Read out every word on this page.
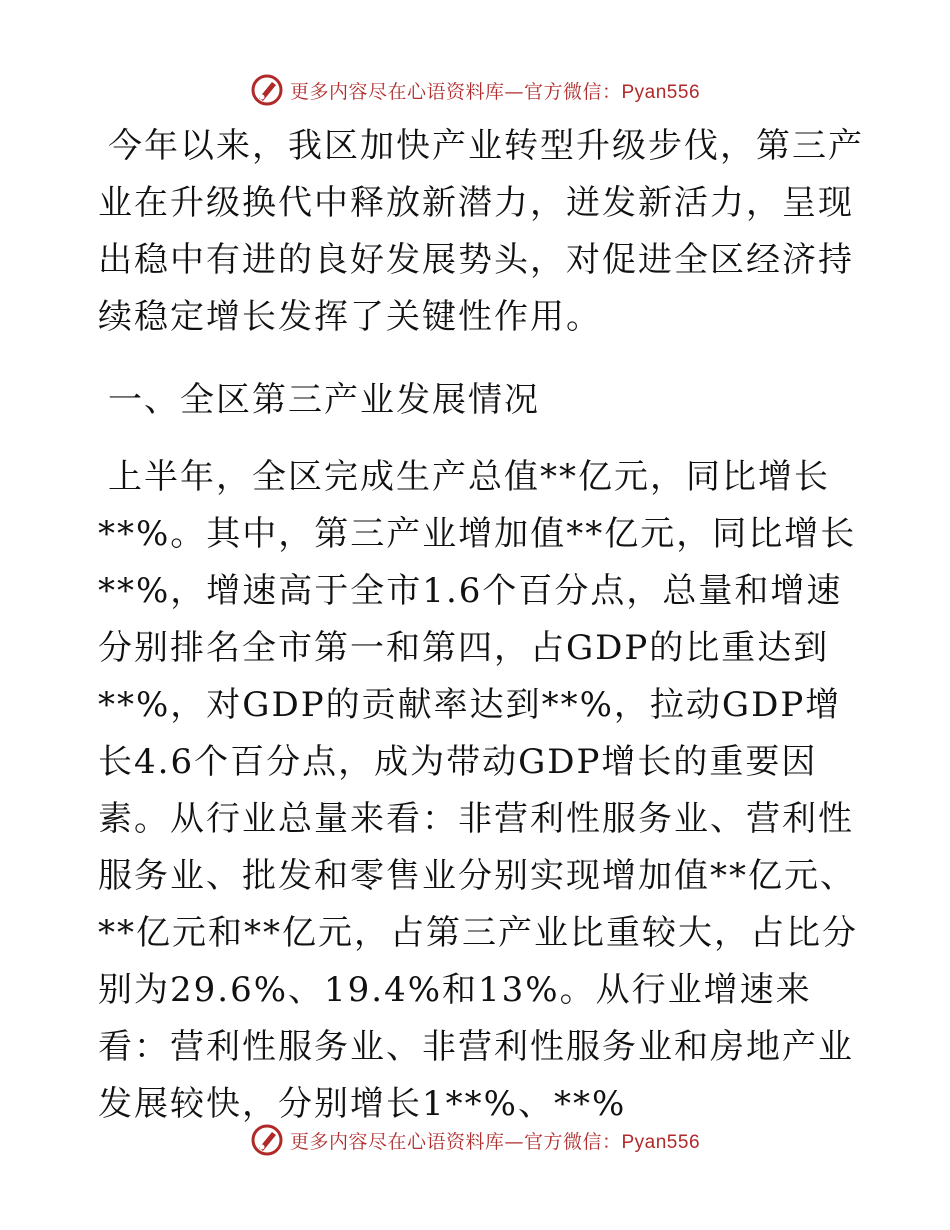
更多内容尽在心语资料库—官方微信：Pyan556

今年以来，我区加快产业转型升级步伐，第三产业在升级换代中释放新潜力，迸发新活力，呈现出稳中有进的良好发展势头，对促进全区经济持续稳定增长发挥了关键性作用。

一、全区第三产业发展情况

上半年，全区完成生产总值**亿元，同比增长**%。其中，第三产业增加值**亿元，同比增长**%，增速高于全市1.6个百分点，总量和增速分别排名全市第一和第四，占GDP的比重达到**%，对GDP的贡献率达到**%，拉动GDP增长4.6个百分点，成为带动GDP增长的重要因素。从行业总量来看：非营利性服务业、营利性服务业、批发和零售业分别实现增加值**亿元、**亿元和**亿元，占第三产业比重较大，占比分别为29.6%、19.4%和13%。从行业增速来看：营利性服务业、非营利性服务业和房地产业发展较快，分别增长1**%、**%

更多内容尽在心语资料库—官方微信：Pyan556
